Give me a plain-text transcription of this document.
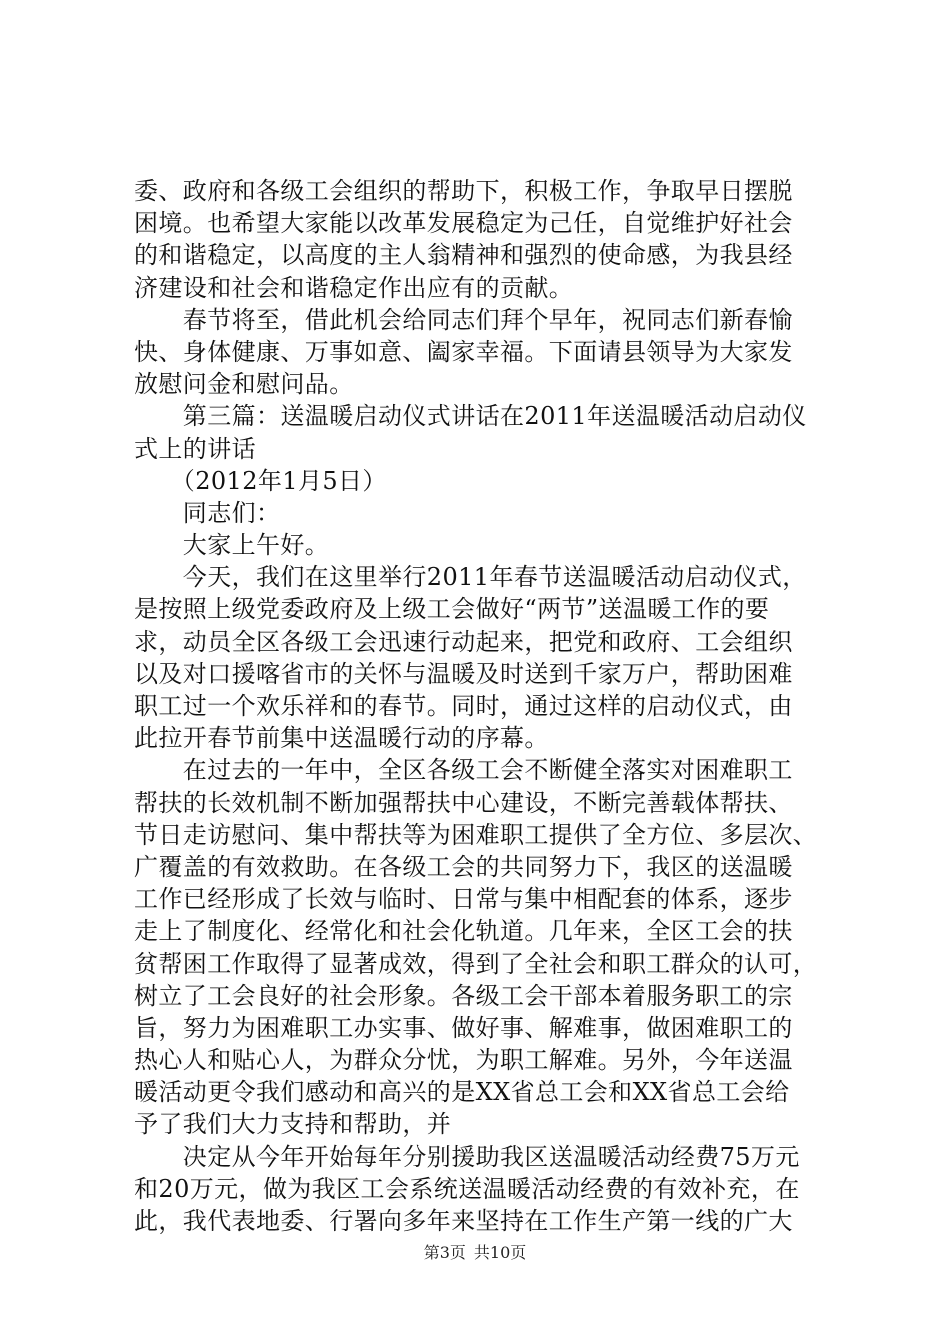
委、政府和各级工会组织的帮助下，积极工作，争取早日摆脱
困境。也希望大家能以改革发展稳定为己任，自觉维护好社会
的和谐稳定，以高度的主人翁精神和强烈的使命感，为我县经
济建设和社会和谐稳定作出应有的贡献。
　　春节将至，借此机会给同志们拜个早年，祝同志们新春愉
快、身体健康、万事如意、阖家幸福。下面请县领导为大家发
放慰问金和慰问品。
　　第三篇：送温暖启动仪式讲话在2011年送温暖活动启动仪
式上的讲话
　　（2012年1月5日）
　　同志们：
　　大家上午好。
　　今天，我们在这里举行2011年春节送温暖活动启动仪式，
是按照上级党委政府及上级工会做好“两节”送温暖工作的要
求，动员全区各级工会迅速行动起来，把党和政府、工会组织
以及对口援喀省市的关怀与温暖及时送到千家万户，帮助困难
职工过一个欢乐祥和的春节。同时，通过这样的启动仪式，由
此拉开春节前集中送温暖行动的序幕。
　　在过去的一年中，全区各级工会不断健全落实对困难职工
帮扶的长效机制不断加强帮扶中心建设，不断完善载体帮扶、
节日走访慰问、集中帮扶等为困难职工提供了全方位、多层次、
广覆盖的有效救助。在各级工会的共同努力下，我区的送温暖
工作已经形成了长效与临时、日常与集中相配套的体系，逐步
走上了制度化、经常化和社会化轨道。几年来，全区工会的扶
贫帮困工作取得了显著成效，得到了全社会和职工群众的认可，
树立了工会良好的社会形象。各级工会干部本着服务职工的宗
旨，努力为困难职工办实事、做好事、解难事，做困难职工的
热心人和贴心人，为群众分忧，为职工解难。另外，今年送温
暖活动更令我们感动和高兴的是XX省总工会和XX省总工会给
予了我们大力支持和帮助，并
　　决定从今年开始每年分别援助我区送温暖活动经费75万元
和20万元，做为我区工会系统送温暖活动经费的有效补充，在
此，我代表地委、行署向多年来坚持在工作生产第一线的广大
第3页 共10页
